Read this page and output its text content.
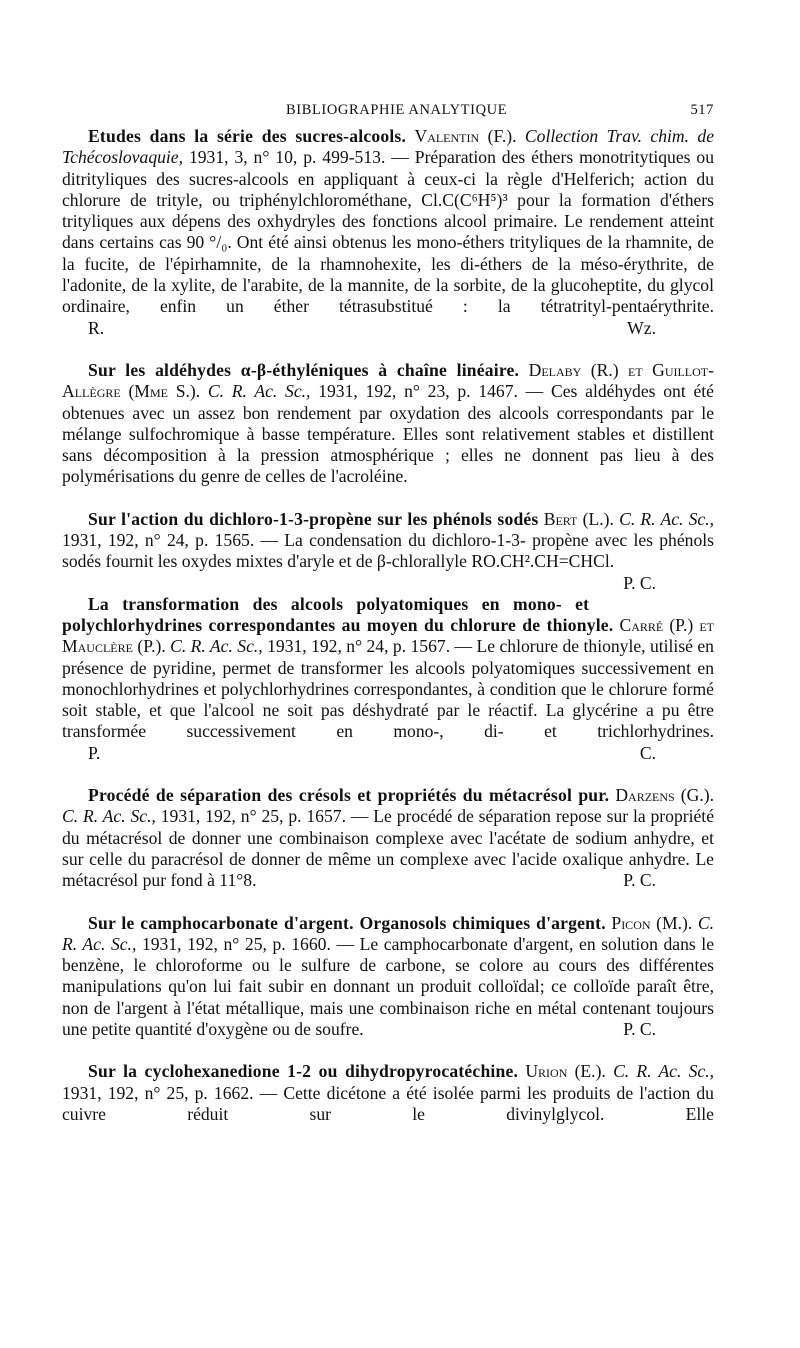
BIBLIOGRAPHIE ANALYTIQUE	517

Etudes dans la série des sucres-alcools. Valentin (F.). Collection Trav. chim. de Tchécoslovaquie, 1931, 3, n° 10, p. 499-513. — Préparation des éthers monotritytiques ou ditrityliques des sucres-alcools en appliquant à ceux-ci la règle d'Helferich; action du chlorure de trityle, ou triphénylchlorométhane, Cl.C(C⁶H⁵)³ pour la formation d'éthers trityliques aux dépens des oxhydryles des fonctions alcool primaire. Le rendement atteint dans certains cas 90 °/₀. Ont été ainsi obtenus les mono-éthers trityliques de la rhamnite, de la fucite, de l'épirhamnite, de la rhamnohexite, les di-éthers de la méso-érythrite, de l'adonite, de la xylite, de l'arabite, de la mannite, de la sorbite, de la glucoheptite, du glycol ordinaire, enfin un éther tétrasubstitué : la tétratrityl-pentaérythrite.

R. Wz.

Sur les aldéhydes α-β-éthyléniques à chaîne linéaire. Delaby (R.) et Guillot-Allègre (Mme S.). C. R. Ac. Sc., 1931, 192, n° 23, p. 1467. — Ces aldéhydes ont été obtenues avec un assez bon rendement par oxydation des alcools correspondants par le mélange sulfochromique à basse température. Elles sont relativement stables et distillent sans décomposition à la pression atmosphérique ; elles ne donnent pas lieu à des polymérisations du genre de celles de l'acroléine.

Sur l'action du dichloro-1-3-propène sur les phénols sodés Bert (L.). C. R. Ac. Sc., 1931, 192, n° 24, p. 1565. — La condensation du dichloro-1-3- propène avec les phénols sodés fournit les oxydes mixtes d'aryle et de β-chlorallyle RO.CH².CH=CHCl.
P. C.

La transformation des alcools polyatomiques en mono- et polychlorhydrines correspondantes au moyen du chlorure de thionyle. Carré (P.) et Mauclère (P.). C. R. Ac. Sc., 1931, 192, n° 24, p. 1567. — Le chlorure de thionyle, utilisé en présence de pyridine, permet de transformer les alcools polyatomiques successivement en monochlorhydrines et polychlorhydrines correspondantes, à condition que le chlorure formé soit stable, et que l'alcool ne soit pas déshydraté par le réactif. La glycérine a pu être transformée successivement en mono-, di- et trichlorhydrines.

P. C.

Procédé de séparation des crésols et propriétés du métacrésol pur. Darzens (G.). C. R. Ac. Sc., 1931, 192, n° 25, p. 1657. — Le procédé de séparation repose sur la propriété du métacrésol de donner une combinaison complexe avec l'acétate de sodium anhydre, et sur celle du paracrésol de donner de même un complexe avec l'acide oxalique anhydre. Le métacrésol pur fond à 11°8.	P. C.

Sur le camphocarbonate d'argent. Organosols chimiques d'argent. Picon (M.). C. R. Ac. Sc., 1931, 192, n° 25, p. 1660. — Le camphocarbonate d'argent, en solution dans le benzène, le chloroforme ou le sulfure de carbone, se colore au cours des différentes manipulations qu'on lui fait subir en donnant un produit colloïdal; ce colloïde paraît être, non de l'argent à l'état métallique, mais une combinaison riche en métal contenant toujours une petite quantité d'oxygène ou de soufre.	P. C.

Sur la cyclohexanedione 1-2 ou dihydropyrocatéchine. Urion (E.). C. R. Ac. Sc., 1931, 192, n° 25, p. 1662. — Cette dicétone a été isolée parmi les produits de l'action du cuivre réduit sur le divinylglycol. Elle
